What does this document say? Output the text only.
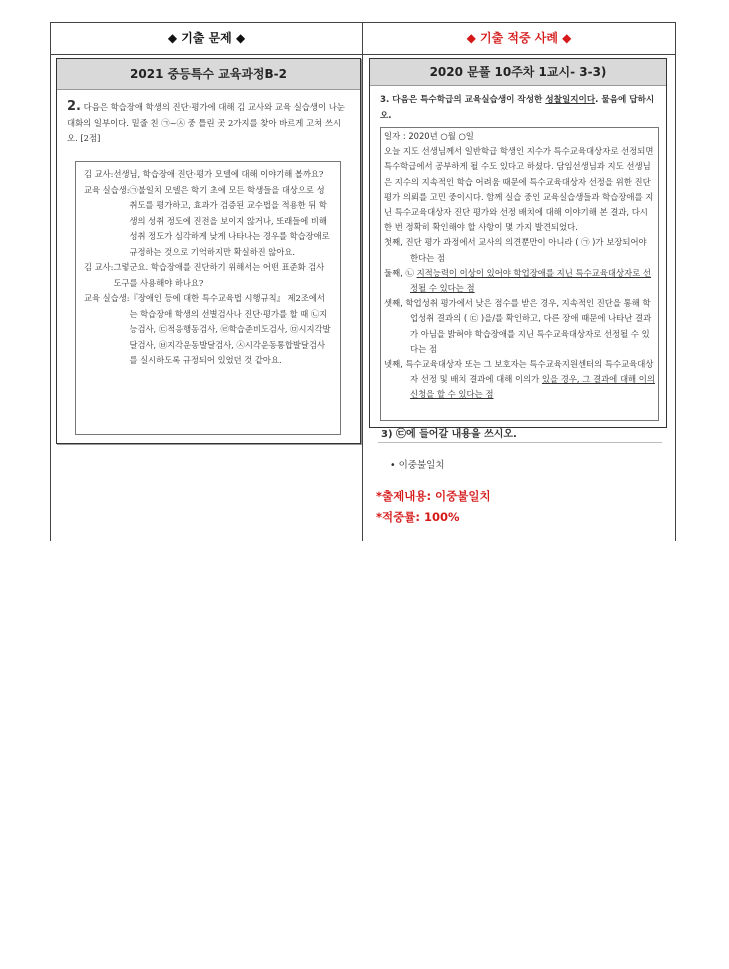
◆ 기출 문제 ◆	◆ 기출 적중 사례 ◆
2021 중등특수 교육과정B-2
2. 다음은 학습장애 학생의 진단·평가에 대해 김 교사와 교육 실습생이 나눈 대화의 일부이다. 밑줄 친 ㉠~㉦ 중 틀린 곳 2가지를 찾아 바르게 고쳐 쓰시오. [2점]
김 교사: 선생님, 학습장애 진단·평가 모델에 대해 이야기해 볼까요?
교육 실습생: ㉠불일치 모델은 학기 초에 모든 학생들을 대상으로 성취도를 평가하고, 효과가 검증된 교수법을 적용한 뒤 학생의 성취 정도에 진전을 보이지 않거나, 또래들에 비해 성취 정도가 심각하게 낮게 나타나는 경우를 학습장애로 규정하는 것으로 기억하지만 확실하진 않아요.
김 교사: 그렇군요. 학습장애를 진단하기 위해서는 어떤 표준화 검사 도구를 사용해야 하나요?
교육 실습생: 『장애인 등에 대한 특수교육법 시행규칙』 제2조에서는 학습장애 학생의 선별검사나 진단·평가를 할 때 ㉡지능검사, ㉢적응행동검사, ㉣학습준비도검사, ㉤시지각발달검사, ㉥지각운동발달검사, ㉦시각운동통합발달검사를 실시하도록 규정되어 있었던 것 같아요.
2020 문풀 10주차 1교시- 3-3)
3. 다음은 특수학급의 교육실습생이 작성한 성찰일지이다. 물음에 답하시오.
일자 : 2020년 ○월 ○일
오늘 지도 선생님께서 일반학급 학생인 지수가 특수교육대상자로 선정되면 특수학급에서 공부하게 될 수도 있다고 하셨다. 담임선생님과 지도 선생님은 지수의 지속적인 학습 어려움 때문에 특수교육대상자 선정을 위한 진단 평가 의뢰를 고민 중이시다. 함께 실습 중인 교육실습생들과 학습장애를 지닌 특수교육대상자 진단 평가와 선정 배치에 대해 이야기해 본 결과, 다시 한 번 정확히 확인해야 할 사항이 몇 가지 발견되었다.
첫째, 진단 평가 과정에서 교사의 의견뿐만이 아니라 ( ㉠ )가 보장되어야 한다는 점
둘째, ㉡ 지적능력이 이상이 있어야 학업장애를 지닌 특수교육대상자로 선정될 수 있다는 점
셋째, 학업성취 평가에서 낮은 점수를 받은 경우, 지속적인 진단을 통해 학업성취 결과의 ( ㉢ )을/를 확인하고, 다른 장애 때문에 나타난 결과가 아님을 밝혀야 학습장애를 지닌 특수교육대상자로 선정될 수 있다는 점
넷째, 특수교육대상자 또는 그 보호자는 특수교육지원센터의 특수교육대상자 선정 및 배치 결과에 대해 이의가 있을 경우, 그 결과에 대해 이의신청을 할 수 있다는 점
3) ㉢에 들어갈 내용을 쓰시오.
• 이중불일치
*출제내용: 이중불일치
*적중률: 100%
